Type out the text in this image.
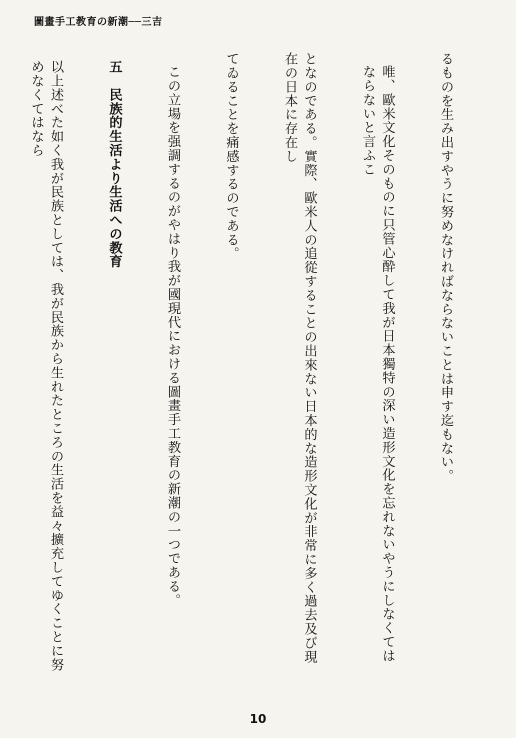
圖畫手工教育の新潮──三吉

るものを生み出すやうに努めなければならないことは申す迄もない。

唯、歐米文化そのものに只管心酔して我が日本獨特の深い造形文化を忘れないやうにしなくてはならないと言ふこ

となのである。實際、歐米人の追從することの出來ない日本的な造形文化が非常に多く過去及び現在の日本に存在し

てゐることを痛感するのである。

この立場を强調するのがやはり我が國現代における圖畫手工教育の新潮の一つである。

五　民族的生活より生活への教育

以上述べた如く我が民族としては、我が民族から生れたところの生活を益々擴充してゆくことに努めなくてはなら

10
